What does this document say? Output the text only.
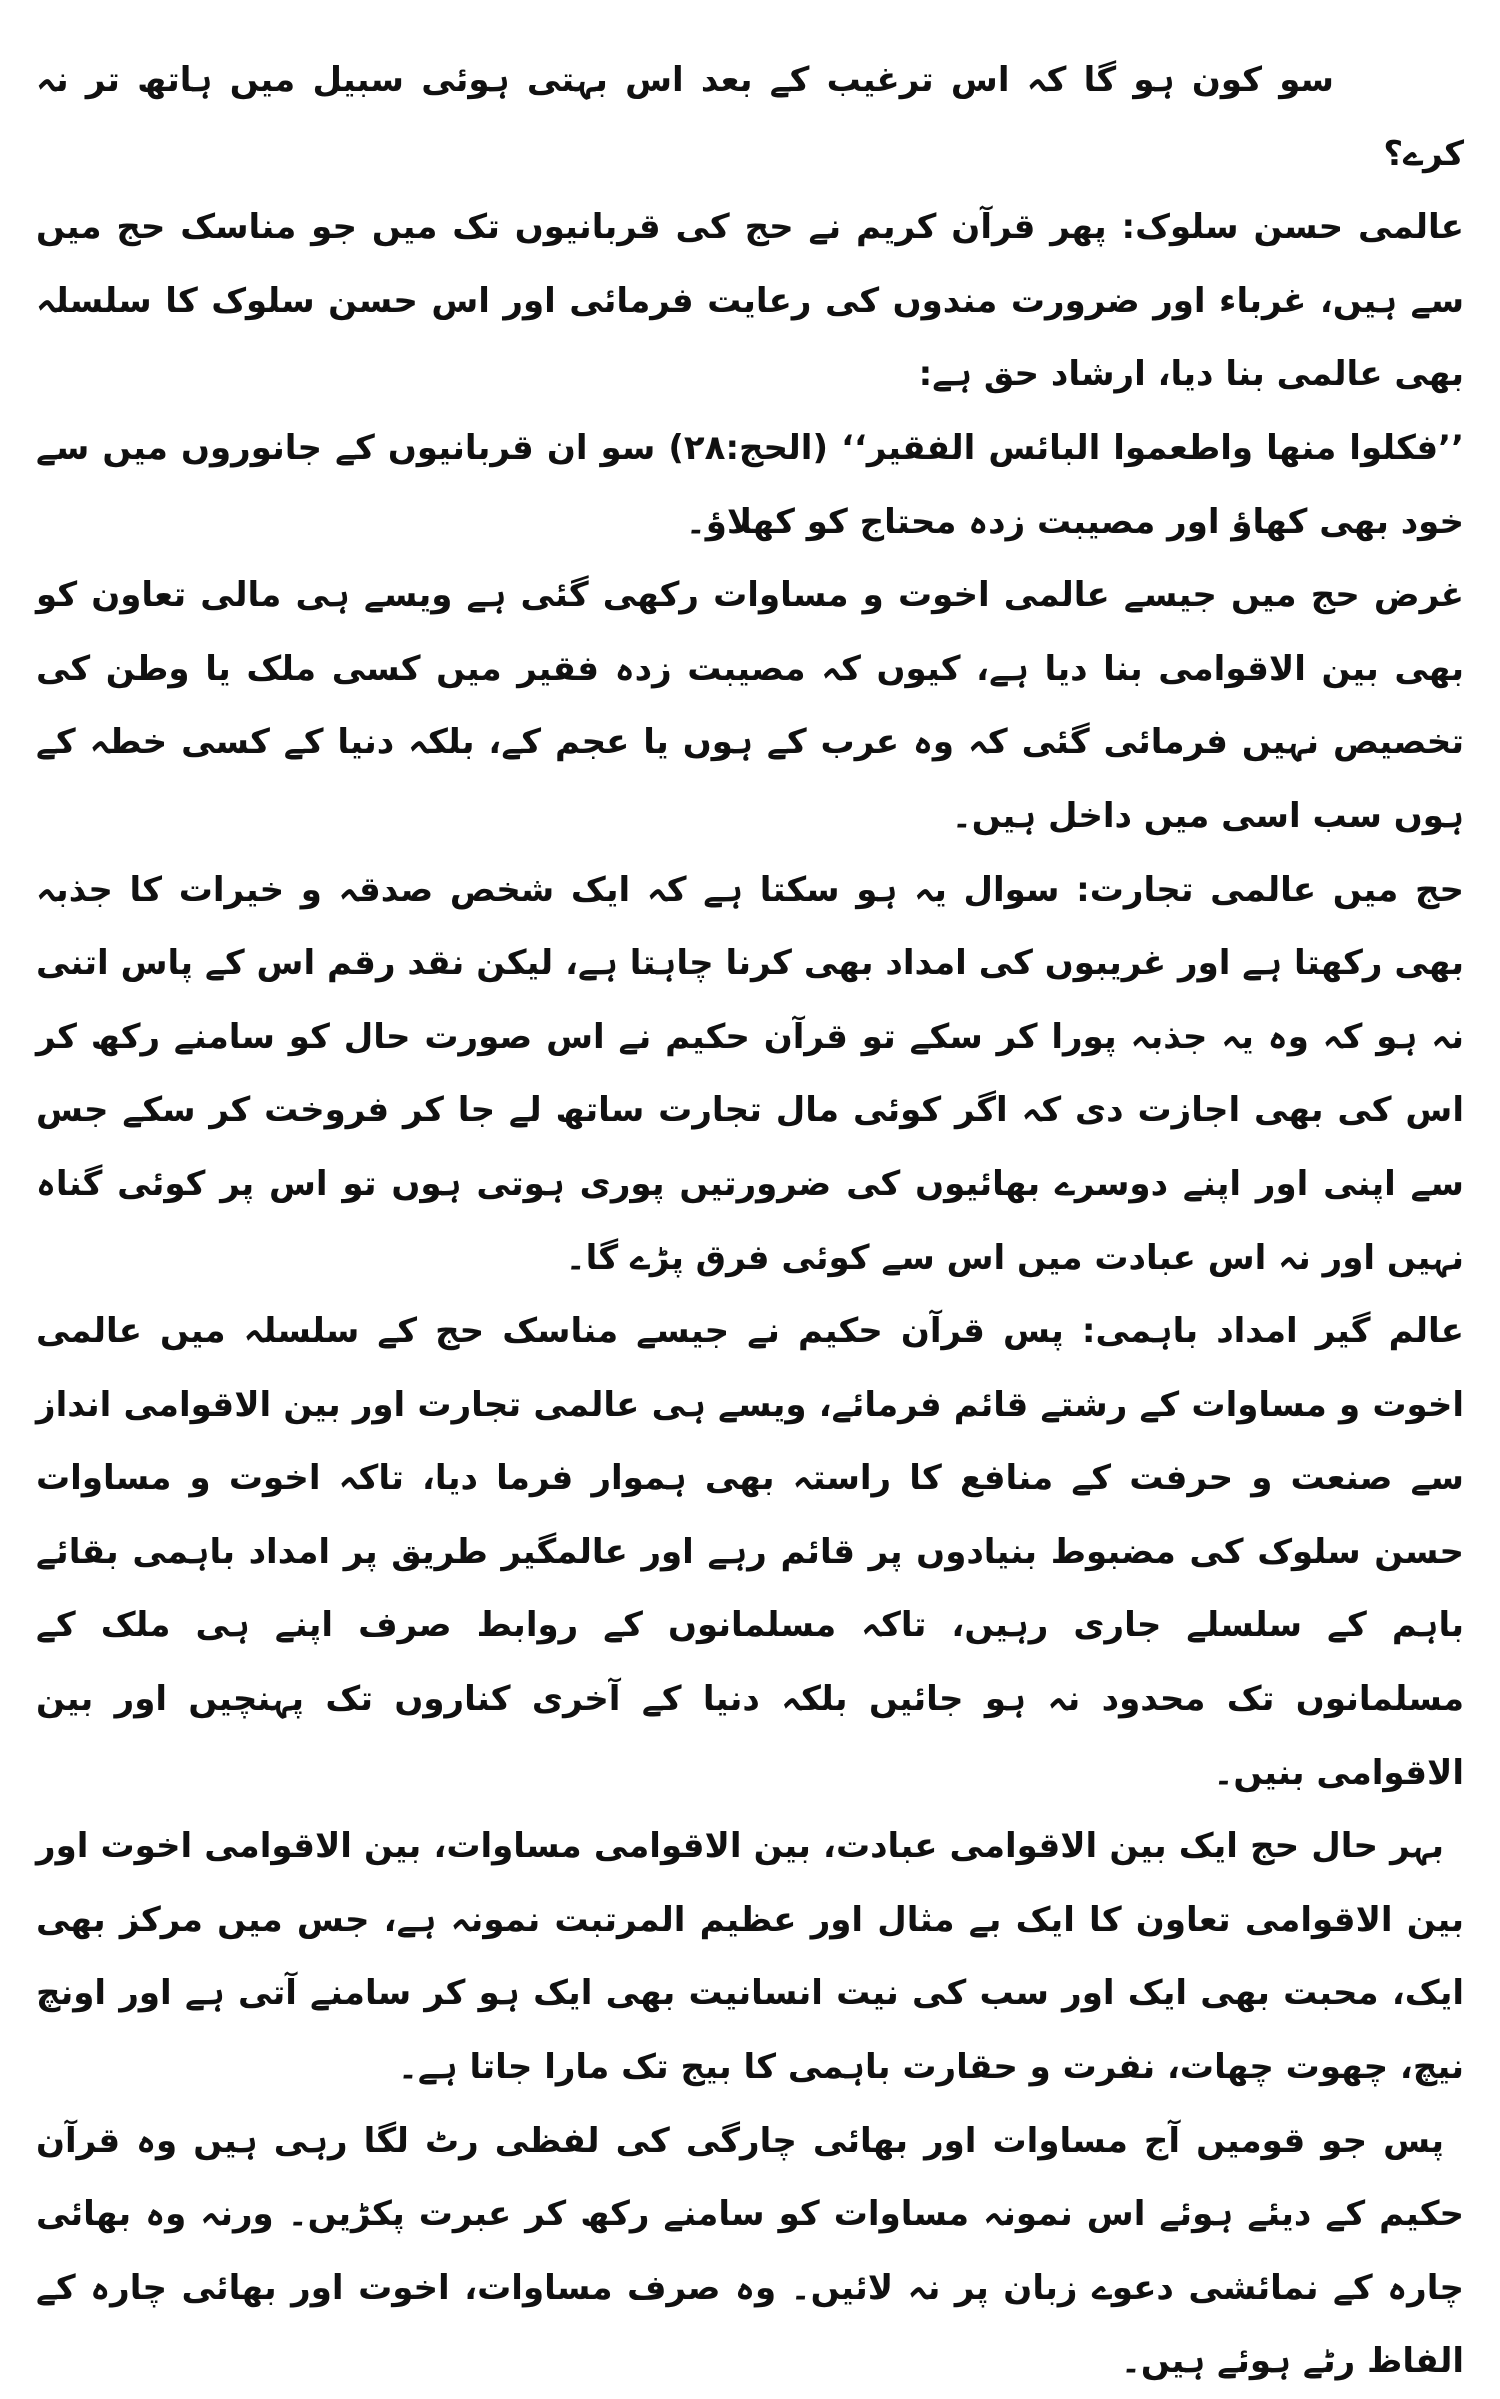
سو کون ہو گا کہ اس ترغیب کے بعد اس بہتی ہوئی سبیل میں ہاتھ تر نہ کرے؟

عالمی حسن سلوک: پھر قرآن کریم نے حج کی قربانیوں تک میں جو مناسک حج میں سے ہیں، غرباء اور ضرورت مندوں کی رعایت فرمائی اور اس حسن سلوک کا سلسلہ بھی عالمی بنا دیا، ارشاد حق ہے:

’’فکلوا منها واطعموا البائس الفقیر‘‘ (الحج:۲۸) سو ان قربانیوں کے جانوروں میں سے خود بھی کھاؤ اور مصیبت زدہ محتاج کو کھلاؤ۔

غرض حج میں جیسے عالمی اخوت و مساوات رکھی گئی ہے ویسے ہی مالی تعاون کو بھی بین الاقوامی بنا دیا ہے، کیوں کہ مصیبت زدہ فقیر میں کسی ملک یا وطن کی تخصیص نہیں فرمائی گئی کہ وہ عرب کے ہوں یا عجم کے، بلکہ دنیا کے کسی خطہ کے ہوں سب اسی میں داخل ہیں۔

حج میں عالمی تجارت: سوال یہ ہو سکتا ہے کہ ایک شخص صدقہ و خیرات کا جذبہ بھی رکھتا ہے اور غریبوں کی امداد بھی کرنا چاہتا ہے، لیکن نقد رقم اس کے پاس اتنی نہ ہو کہ وہ یہ جذبہ پورا کر سکے تو قرآن حکیم نے اس صورت حال کو سامنے رکھ کر اس کی بھی اجازت دی کہ اگر کوئی مال تجارت ساتھ لے جا کر فروخت کر سکے جس سے اپنی اور اپنے دوسرے بھائیوں کی ضرورتیں پوری ہوتی ہوں تو اس پر کوئی گناہ نہیں اور نہ اس عبادت میں اس سے کوئی فرق پڑے گا۔

عالم گیر امداد باہمی: پس قرآن حکیم نے جیسے مناسک حج کے سلسلہ میں عالمی اخوت و مساوات کے رشتے قائم فرمائے، ویسے ہی عالمی تجارت اور بین الاقوامی انداز سے صنعت و حرفت کے منافع کا راستہ بھی ہموار فرما دیا، تاکہ اخوت و مساوات حسن سلوک کی مضبوط بنیادوں پر قائم رہے اور عالمگیر طریق پر امداد باہمی بقائے باہم کے سلسلے جاری رہیں، تاکہ مسلمانوں کے روابط صرف اپنے ہی ملک کے مسلمانوں تک محدود نہ ہو جائیں بلکہ دنیا کے آخری کناروں تک پہنچیں اور بین الاقوامی بنیں۔

بہر حال حج ایک بین الاقوامی عبادت، بین الاقوامی مساوات، بین الاقوامی اخوت اور بین الاقوامی تعاون کا ایک بے مثال اور عظیم المرتبت نمونہ ہے، جس میں مرکز بھی ایک، محبت بھی ایک اور سب کی نیت انسانیت بھی ایک ہو کر سامنے آتی ہے اور اونچ نیچ، چھوت چھات، نفرت و حقارت باہمی کا بیج تک مارا جاتا ہے۔

پس جو قومیں آج مساوات اور بھائی چارگی کی لفظی رٹ لگا رہی ہیں وہ قرآن حکیم کے دیئے ہوئے اس نمونہ مساوات کو سامنے رکھ کر عبرت پکڑیں۔ ورنہ وہ بھائی چارہ کے نمائشی دعوے زبان پر نہ لائیں۔ وہ صرف مساوات، اخوت اور بھائی چارہ کے الفاظ رٹے ہوئے ہیں۔
